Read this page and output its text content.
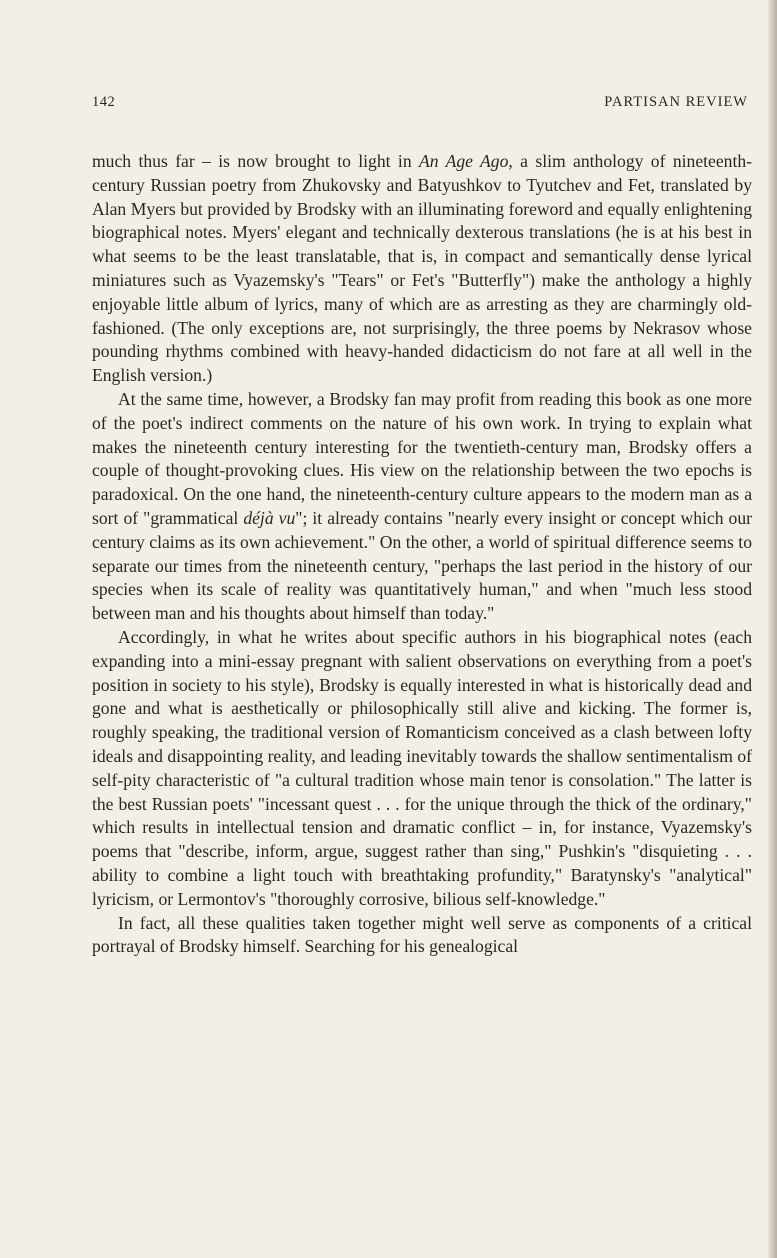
142	PARTISAN REVIEW

much thus far – is now brought to light in An Age Ago, a slim anthology of nineteenth-century Russian poetry from Zhukovsky and Batyushkov to Tyutchev and Fet, translated by Alan Myers but provided by Brodsky with an illuminating foreword and equally enlightening biographical notes. Myers' elegant and technically dexterous translations (he is at his best in what seems to be the least translatable, that is, in compact and semantically dense lyrical miniatures such as Vyazemsky's "Tears" or Fet's "Butterfly") make the anthology a highly enjoyable little album of lyrics, many of which are as arresting as they are charmingly old-fashioned. (The only exceptions are, not surprisingly, the three poems by Nekrasov whose pounding rhythms combined with heavy-handed didacticism do not fare at all well in the English version.)

At the same time, however, a Brodsky fan may profit from reading this book as one more of the poet's indirect comments on the nature of his own work. In trying to explain what makes the nineteenth century interesting for the twentieth-century man, Brodsky offers a couple of thought-provoking clues. His view on the relationship between the two epochs is paradoxical. On the one hand, the nineteenth-century culture appears to the modern man as a sort of "grammatical déjà vu"; it already contains "nearly every insight or concept which our century claims as its own achievement." On the other, a world of spiritual difference seems to separate our times from the nineteenth century, "perhaps the last period in the history of our species when its scale of reality was quantitatively human," and when "much less stood between man and his thoughts about himself than today."

Accordingly, in what he writes about specific authors in his biographical notes (each expanding into a mini-essay pregnant with salient observations on everything from a poet's position in society to his style), Brodsky is equally interested in what is historically dead and gone and what is aesthetically or philosophically still alive and kicking. The former is, roughly speaking, the traditional version of Romanticism conceived as a clash between lofty ideals and disappointing reality, and leading inevitably towards the shallow sentimentalism of self-pity characteristic of "a cultural tradition whose main tenor is consolation." The latter is the best Russian poets' "incessant quest . . . for the unique through the thick of the ordinary," which results in intellectual tension and dramatic conflict – in, for instance, Vyazemsky's poems that "describe, inform, argue, suggest rather than sing," Pushkin's "disquieting . . . ability to combine a light touch with breathtaking profundity," Baratynsky's "analytical" lyricism, or Lermontov's "thoroughly corrosive, bilious self-knowledge."

In fact, all these qualities taken together might well serve as components of a critical portrayal of Brodsky himself. Searching for his genealogical
